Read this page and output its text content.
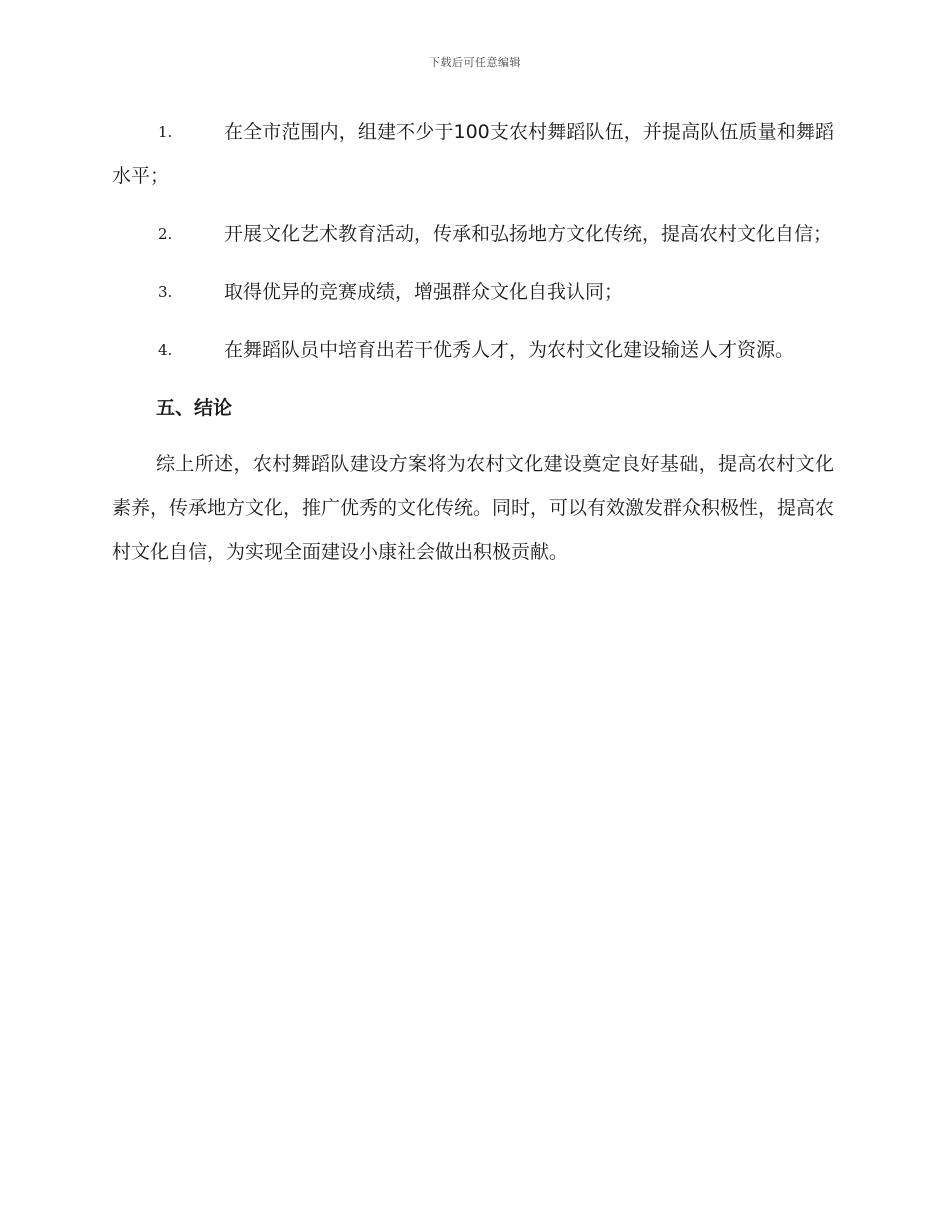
下载后可任意编辑
1.	在全市范围内，组建不少于100支农村舞蹈队伍，并提高队伍质量和舞蹈水平；
2.	开展文化艺术教育活动，传承和弘扬地方文化传统，提高农村文化自信；
3.	取得优异的竞赛成绩，增强群众文化自我认同；
4.	在舞蹈队员中培育出若干优秀人才，为农村文化建设输送人才资源。
五、结论
综上所述，农村舞蹈队建设方案将为农村文化建设奠定良好基础，提高农村文化素养，传承地方文化，推广优秀的文化传统。同时，可以有效激发群众积极性，提高农村文化自信，为实现全面建设小康社会做出积极贡献。
